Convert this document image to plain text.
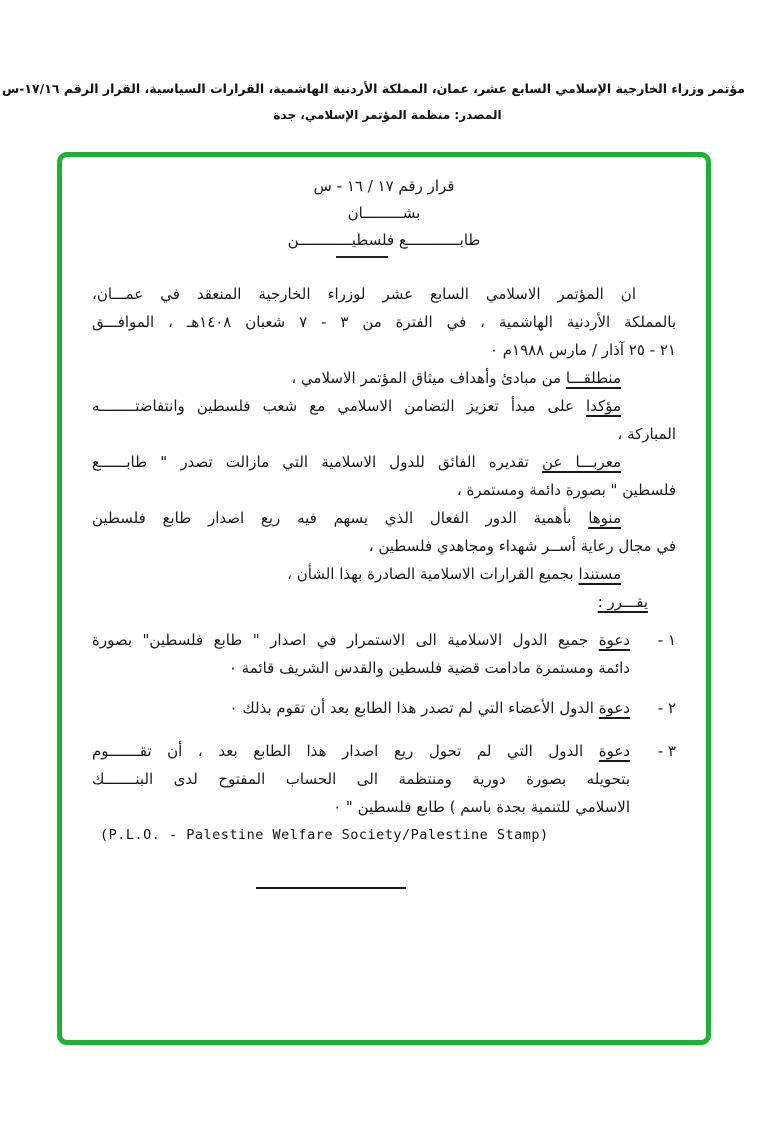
مؤتمر وزراء الخارجية الإسلامي السابع عشر، عمان، المملكة الأردنية الهاشمية، القرارات السياسية، القرار الرقم ١٧/١٦-س
المصدر: منظمة المؤتمر الإسلامي، جدة
قرار رقم ١٧ / ١٦ - س
بشـــــــــان
طابــــــــــــع فلسطيــــــــــــن
ان المؤتمر الاسلامي السابع عشر لوزراء الخارجية المنعقد في عمـــان،
بالمملكة الأردنية الهاشمية ، في الفترة من ٣ - ٧ شعبان ١٤٠٨هـ ، الموافـــق
٢١ - ٢٥ آذار / مارس ١٩٨٨م ٠
منطلقـــا من مبادئ وأهداف ميثاق المؤتمر الاسلامي ،
مؤكدا على مبدأ تعزيز التضامن الاسلامي مع شعب فلسطين وانتفاضتــــــــه
المباركة ،
معربـــا عن تقديره الفائق للدول الاسلامية التي مازالت تصدر " طابــــــع
فلسطين " بصورة دائمة ومستمرة ،
منوها بأهمية الدور الفعال الذي يسهم فيه ريع اصدار طابع فلسطين
في مجال رعاية أســر شهداء ومجاهدي فلسطين ،
مستندا بجميع القرارات الاسلامية الصادرة بهذا الشأن ،
يقـــرر :
١ -
دعوة جميع الدول الاسلامية الى الاستمرار في اصدار " طابع فلسطين" بصورة
دائمة ومستمرة مادامت قضية فلسطين والقدس الشريف قائمة ٠
٢ -
دعوة الدول الأعضاء التي لم تصدر هذا الطابع بعد أن تقوم بذلك ٠
٣ -
دعوة الدول التي لم تحول ريع اصدار هذا الطابع بعد ، أن تقـــــــوم
بتحويله بصورة دورية ومنتظمة الى الحساب المفتوح لدى البنـــــــك
الاسلامي للتنمية بجدة باسم ( طابع فلسطين " ٠
(P.L.O. - Palestine Welfare Society/Palestine Stamp)
